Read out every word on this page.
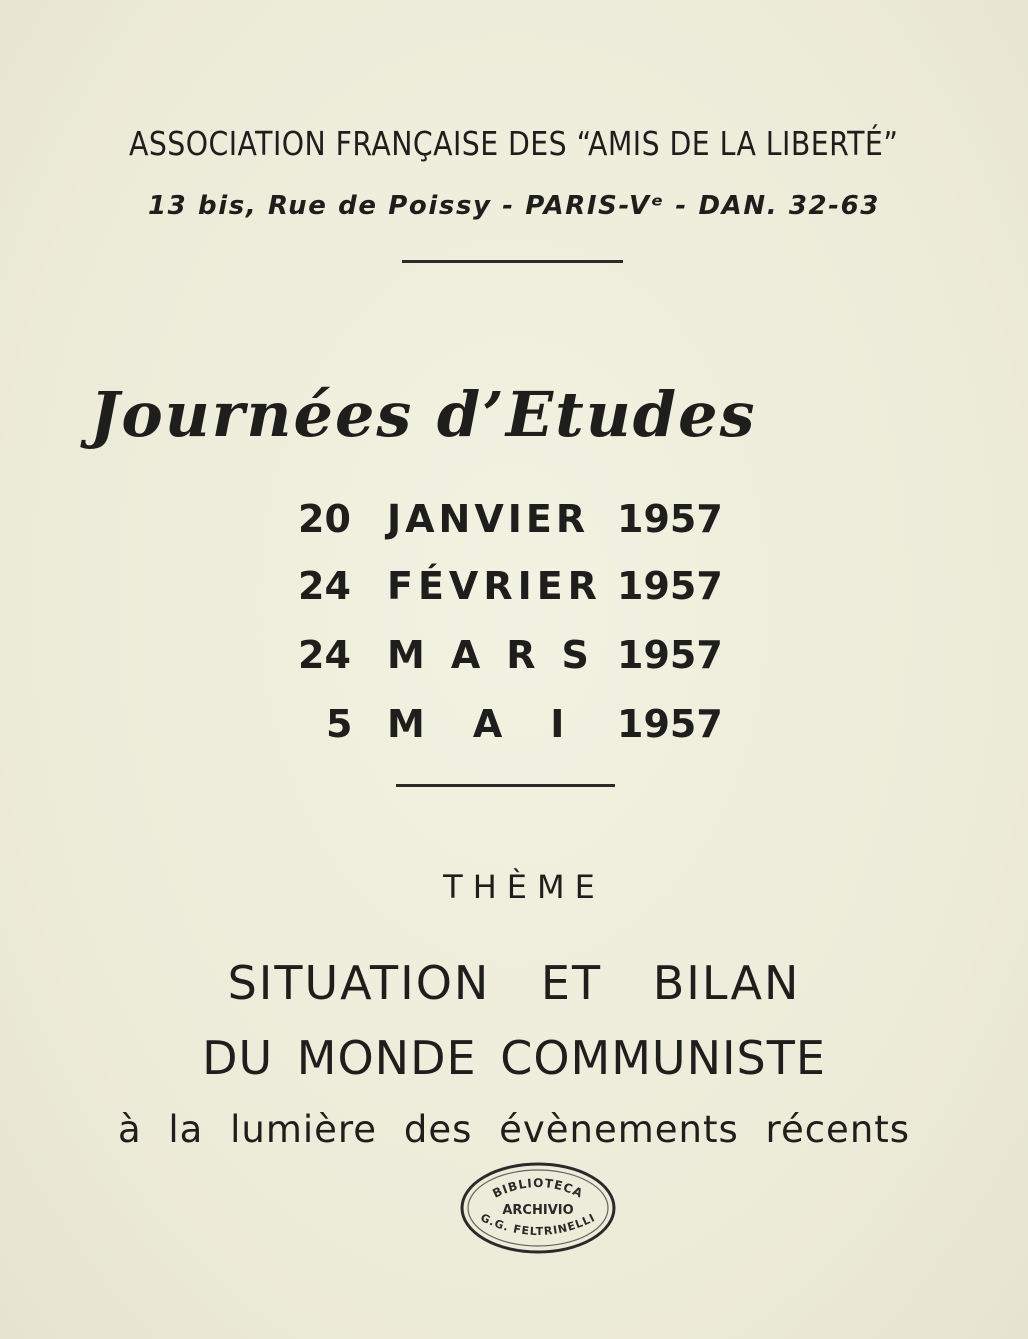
ASSOCIATION FRANÇAISE DES “AMIS DE LA LIBERTÉ”
13 bis, Rue de Poissy - PARIS-Vᵉ - DAN. 32-63
Journées d’Etudes
20 JANVIER 1957
24 FÉVRIER 1957
24 MARS 1957
5 MAI 1957
THÈME
SITUATION ET BILAN
DU MONDE COMMUNISTE
à la lumière des évènements récents
BIBLIOTECA
ARCHIVIO
G.G. FELTRINELLI
